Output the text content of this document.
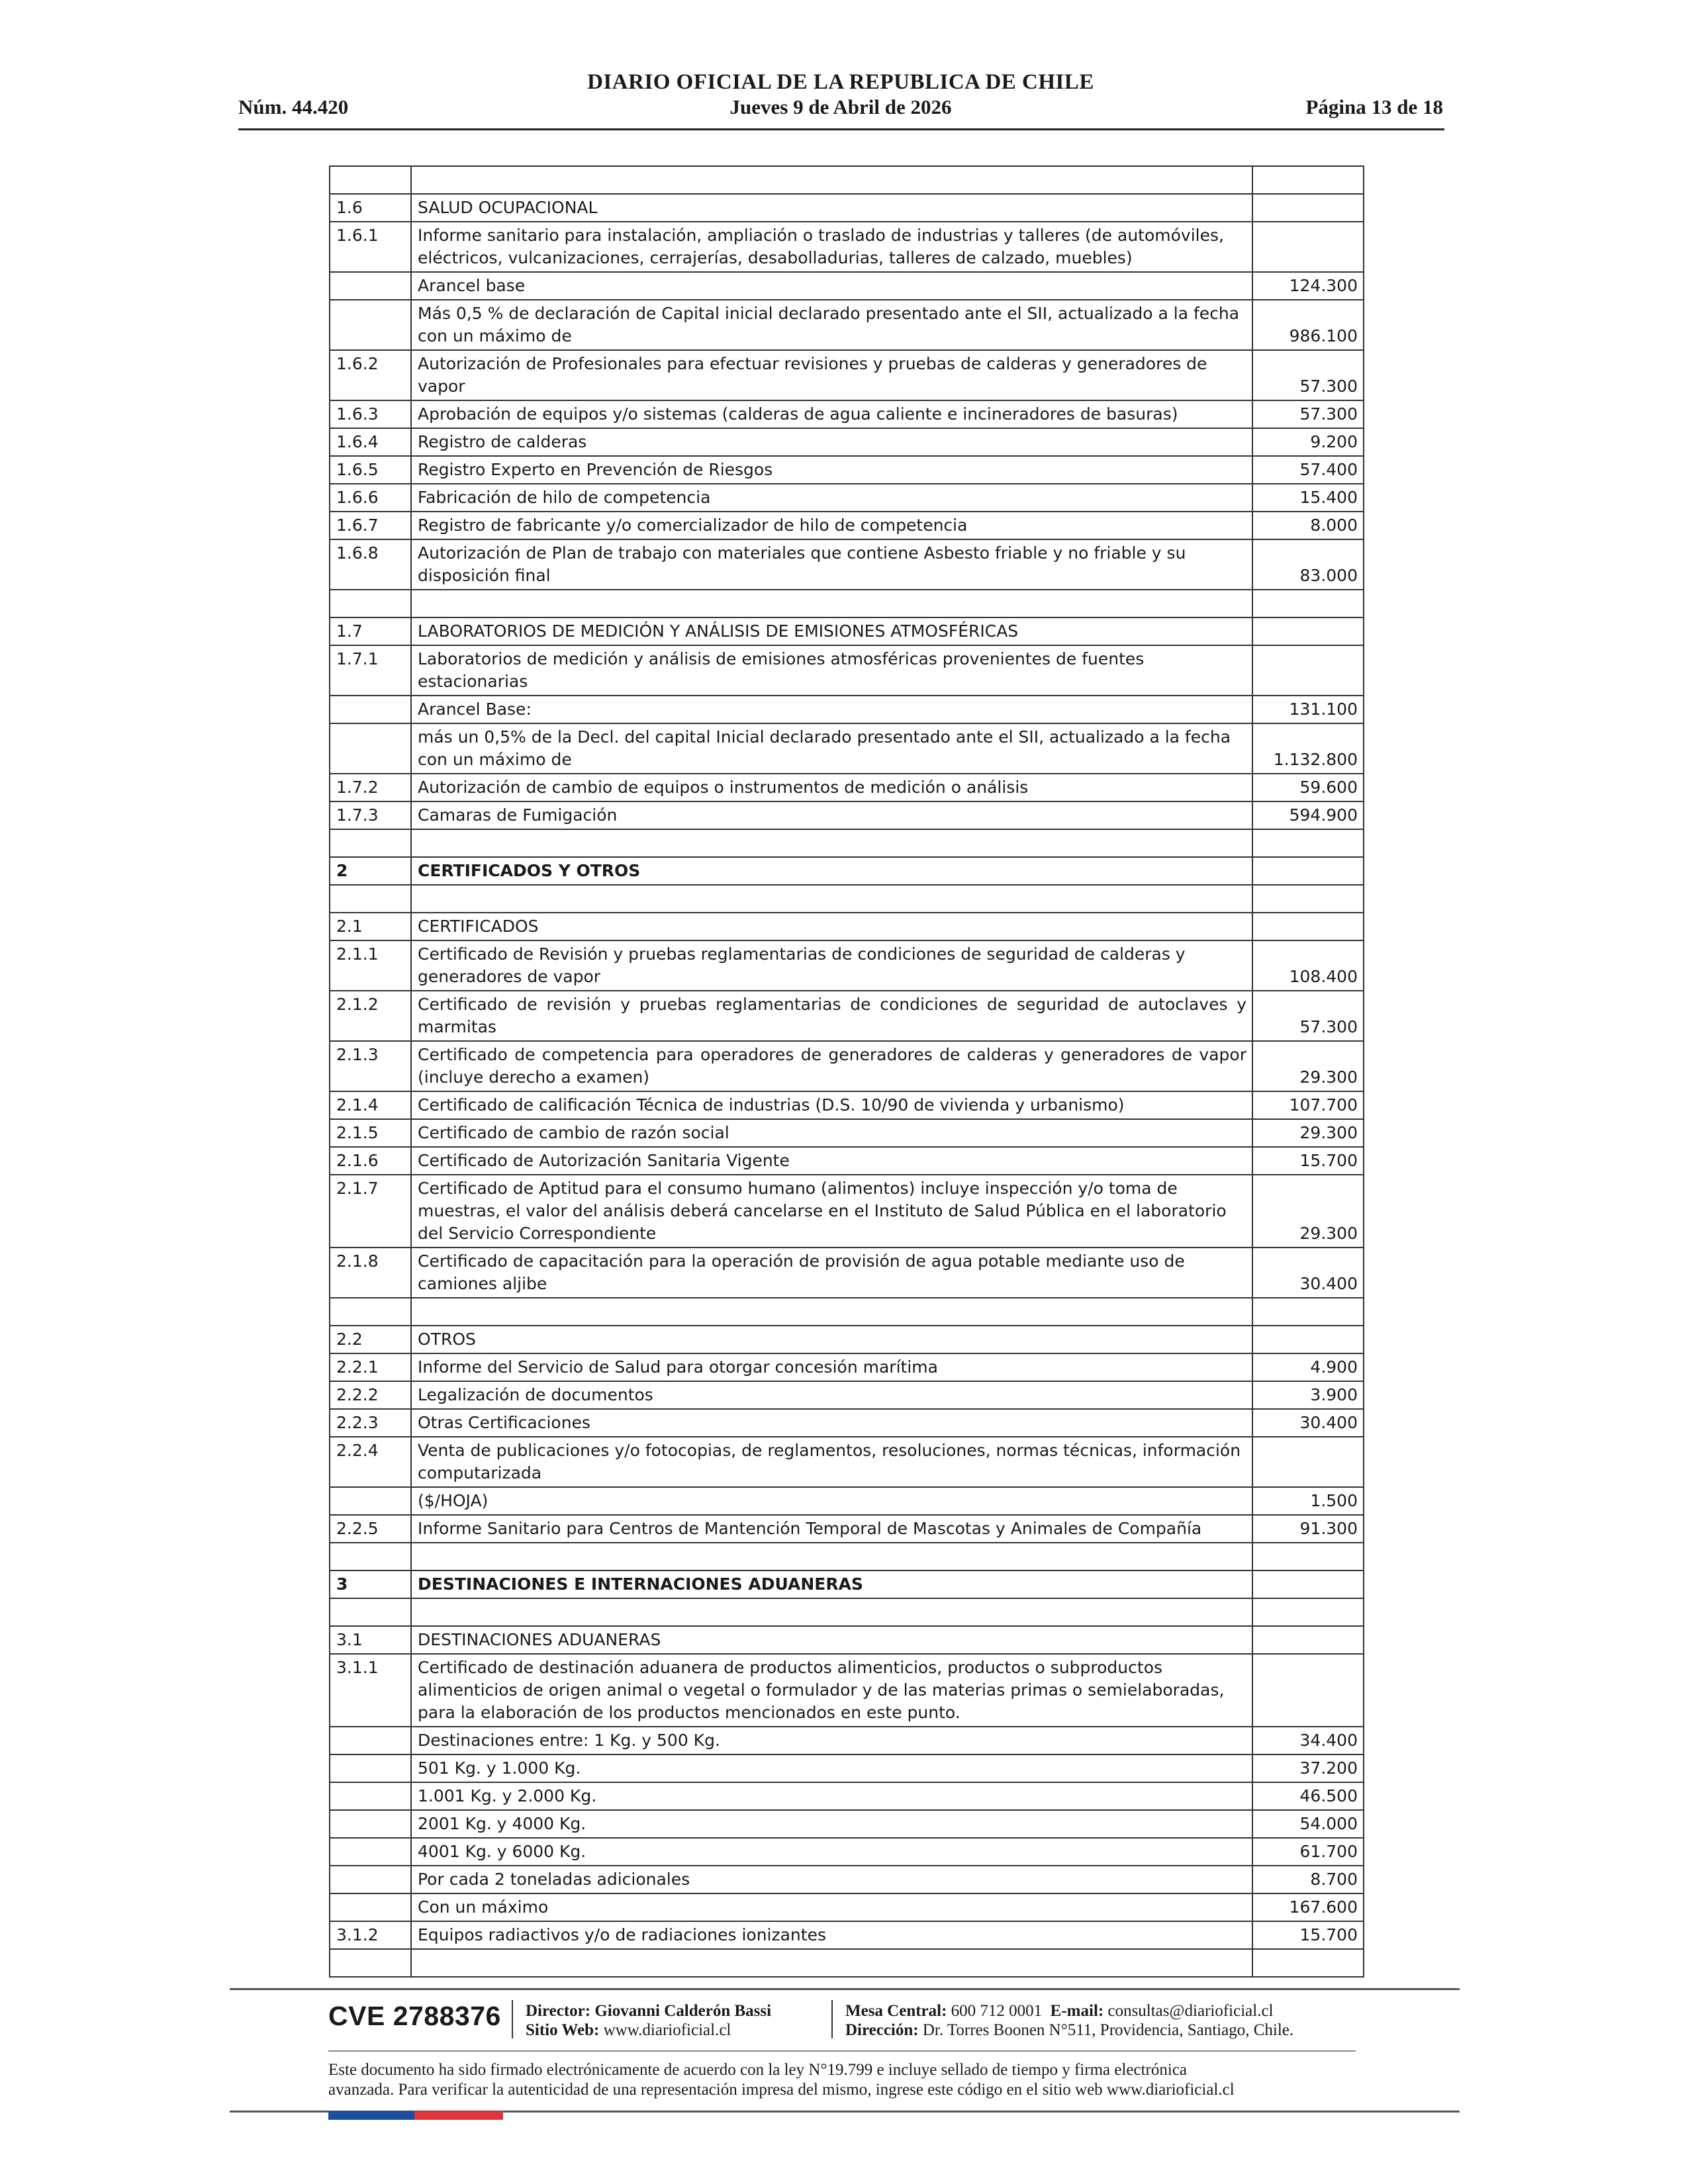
DIARIO OFICIAL DE LA REPUBLICA DE CHILE
Núm. 44.420	Jueves 9 de Abril de 2026	Página 13 de 18

1.6	SALUD OCUPACIONAL	
1.6.1	Informe sanitario para instalación, ampliación o traslado de industrias y talleres (de automóviles, eléctricos, vulcanizaciones, cerrajerías, desabolladurias, talleres de calzado, muebles)	
	Arancel base	124.300
	Más 0,5 % de declaración de Capital inicial declarado presentado ante el SII, actualizado a la fecha con un máximo de	986.100
1.6.2	Autorización de Profesionales para efectuar revisiones y pruebas de calderas y generadores de vapor	57.300
1.6.3	Aprobación de equipos y/o sistemas (calderas de agua caliente e incineradores de basuras)	57.300
1.6.4	Registro de calderas	9.200
1.6.5	Registro Experto en Prevención de Riesgos	57.400
1.6.6	Fabricación de hilo de competencia	15.400
1.6.7	Registro de fabricante y/o comercializador de hilo de competencia	8.000
1.6.8	Autorización de Plan de trabajo con materiales que contiene Asbesto friable y no friable y su disposición final	83.000

1.7	LABORATORIOS DE MEDICIÓN Y ANÁLISIS DE EMISIONES ATMOSFÉRICAS	
1.7.1	Laboratorios de medición y análisis de emisiones atmosféricas provenientes de fuentes estacionarias	
	Arancel Base:	131.100
	más un 0,5% de la Decl. del capital Inicial declarado presentado ante el SII, actualizado a la fecha con un máximo de	1.132.800
1.7.2	Autorización de cambio de equipos o instrumentos de medición o análisis	59.600
1.7.3	Camaras de Fumigación	594.900

2	CERTIFICADOS Y OTROS	

2.1	CERTIFICADOS	
2.1.1	Certificado de Revisión y pruebas reglamentarias de condiciones de seguridad de calderas y generadores de vapor	108.400
2.1.2	Certificado de revisión y pruebas reglamentarias de condiciones de seguridad de autoclaves y marmitas	57.300
2.1.3	Certificado de competencia para operadores de generadores de calderas y generadores de vapor (incluye derecho a examen)	29.300
2.1.4	Certificado de calificación Técnica de industrias (D.S. 10/90 de vivienda y urbanismo)	107.700
2.1.5	Certificado de cambio de razón social	29.300
2.1.6	Certificado de Autorización Sanitaria Vigente	15.700
2.1.7	Certificado de Aptitud para el consumo humano (alimentos) incluye inspección y/o toma de muestras, el valor del análisis deberá cancelarse en el Instituto de Salud Pública en el laboratorio del Servicio Correspondiente	29.300
2.1.8	Certificado de capacitación para la operación de provisión de agua potable mediante uso de camiones aljibe	30.400

2.2	OTROS	
2.2.1	Informe del Servicio de Salud para otorgar concesión marítima	4.900
2.2.2	Legalización de documentos	3.900
2.2.3	Otras Certificaciones	30.400
2.2.4	Venta de publicaciones y/o fotocopias, de reglamentos, resoluciones, normas técnicas, información computarizada	
	($/HOJA)	1.500
2.2.5	Informe Sanitario para Centros de Mantención Temporal de Mascotas y Animales de Compañía	91.300

3	DESTINACIONES E INTERNACIONES ADUANERAS	

3.1	DESTINACIONES ADUANERAS	
3.1.1	Certificado de destinación aduanera de productos alimenticios, productos o subproductos alimenticios de origen animal o vegetal o formulador y de las materias primas o semielaboradas, para la elaboración de los productos mencionados en este punto.	
	Destinaciones entre: 1 Kg. y 500 Kg.	34.400
	501 Kg. y 1.000 Kg.	37.200
	1.001 Kg. y 2.000 Kg.	46.500
	2001 Kg. y 4000 Kg.	54.000
	4001 Kg. y 6000 Kg.	61.700
	Por cada 2 toneladas adicionales	8.700
	Con un máximo	167.600
3.1.2	Equipos radiactivos y/o de radiaciones ionizantes	15.700

CVE 2788376 Director: Giovanni Calderón Bassi
Sitio Web: www.diarioficial.cl
Mesa Central: 600 712 0001 E-mail: consultas@diarioficial.cl
Dirección: Dr. Torres Boonen N°511, Providencia, Santiago, Chile.
Este documento ha sido firmado electrónicamente de acuerdo con la ley N°19.799 e incluye sellado de tiempo y firma electrónica
avanzada. Para verificar la autenticidad de una representación impresa del mismo, ingrese este código en el sitio web www.diarioficial.cl
